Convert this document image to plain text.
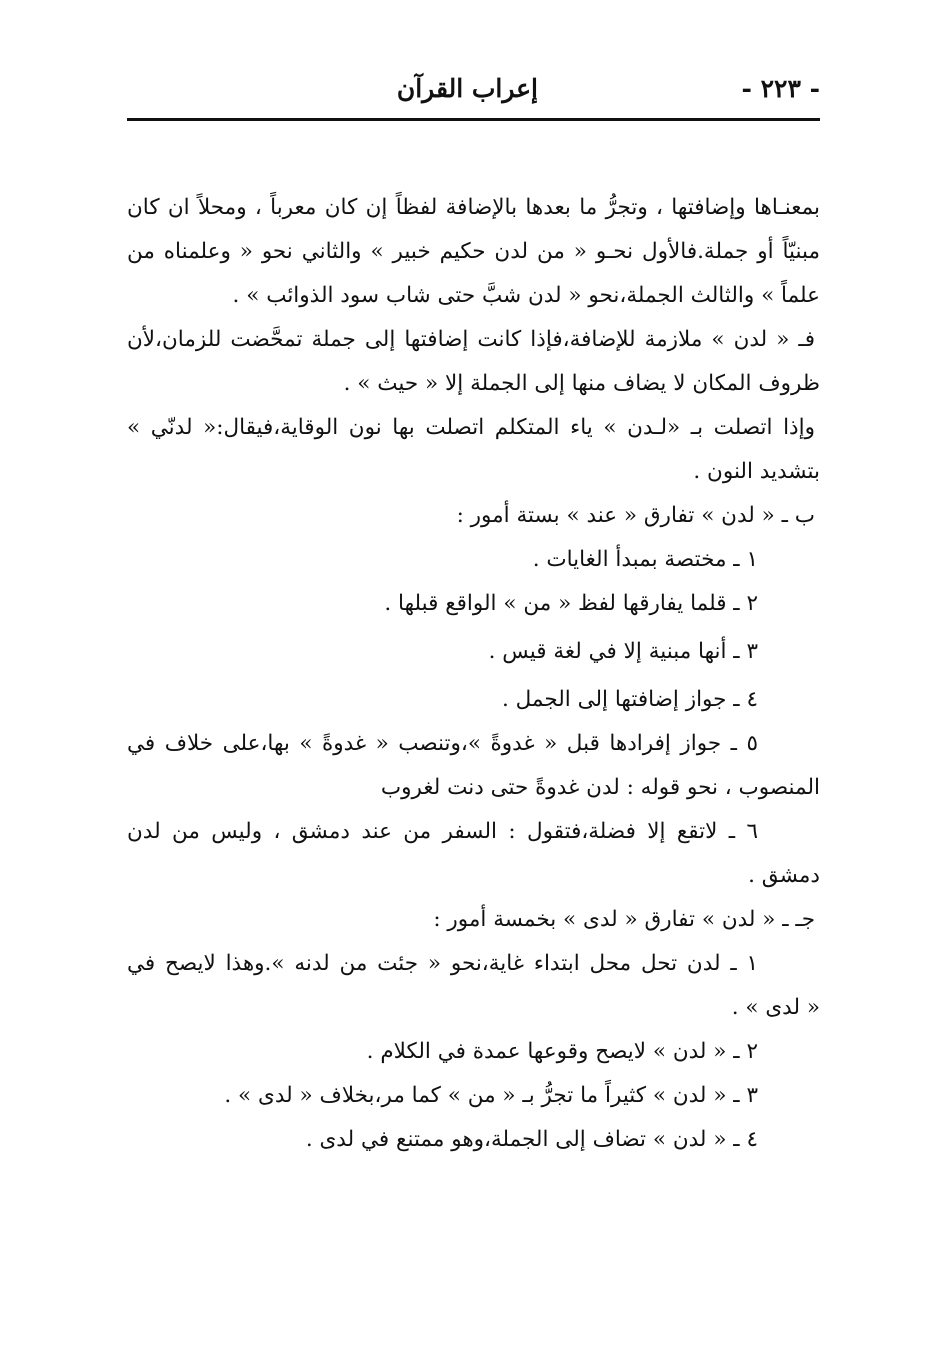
- ٢٢٣ -
إعراب القرآن
بمعنـاها وإضافتها ، وتجرُّ ما بعدها بالإضافة لفظاً إن كان معرباً ، ومحلاً ان كان
مبنيّاً أو جملة.فالأول نحـو « من لدن حكيم خبير » والثاني نحو « وعلمناه من
علماً » والثالث الجملة،نحو « لدن شبَّ حتى شاب سود الذوائب » .
فـ « لدن » ملازمة للإضافة،فإذا كانت إضافتها إلى جملة تمحَّضت للزمان،لأن
ظروف المكان لا يضاف منها إلى الجملة إلا « حيث » .
وإذا اتصلت بـ «لـدن » ياء المتكلم اتصلت بها نون الوقاية،فيقال:« لدنّي »
بتشديد النون .
ب ـ « لدن » تفارق « عند » بستة أمور :
١ ـ مختصة بمبدأ الغايات .
٢ ـ قلما يفارقها لفظ « من » الواقع قبلها .
٣ ـ أنها مبنية إلا في لغة قيس .
٤ ـ جواز إضافتها إلى الجمل .
٥ ـ جواز إفرادها قبل « غدوةً »،وتنصب « غدوةً » بها،على خلاف في
المنصوب ، نحو قوله : لدن غدوةً حتى دنت لغروب
٦ ـ لاتقع إلا فضلة،فتقول : السفر من عند دمشق ، وليس من لدن
دمشق .
جـ ـ « لدن » تفارق « لدى » بخمسة أمور :
١ ـ لدن تحل محل ابتداء غاية،نحو « جئت من لدنه ».وهذا لايصح في
« لدى » .
٢ ـ « لدن » لايصح وقوعها عمدة في الكلام .
٣ ـ « لدن » كثيراً ما تجرُّ بـ « من » كما مر،بخلاف « لدى » .
٤ ـ « لدن » تضاف إلى الجملة،وهو ممتنع في لدى .
